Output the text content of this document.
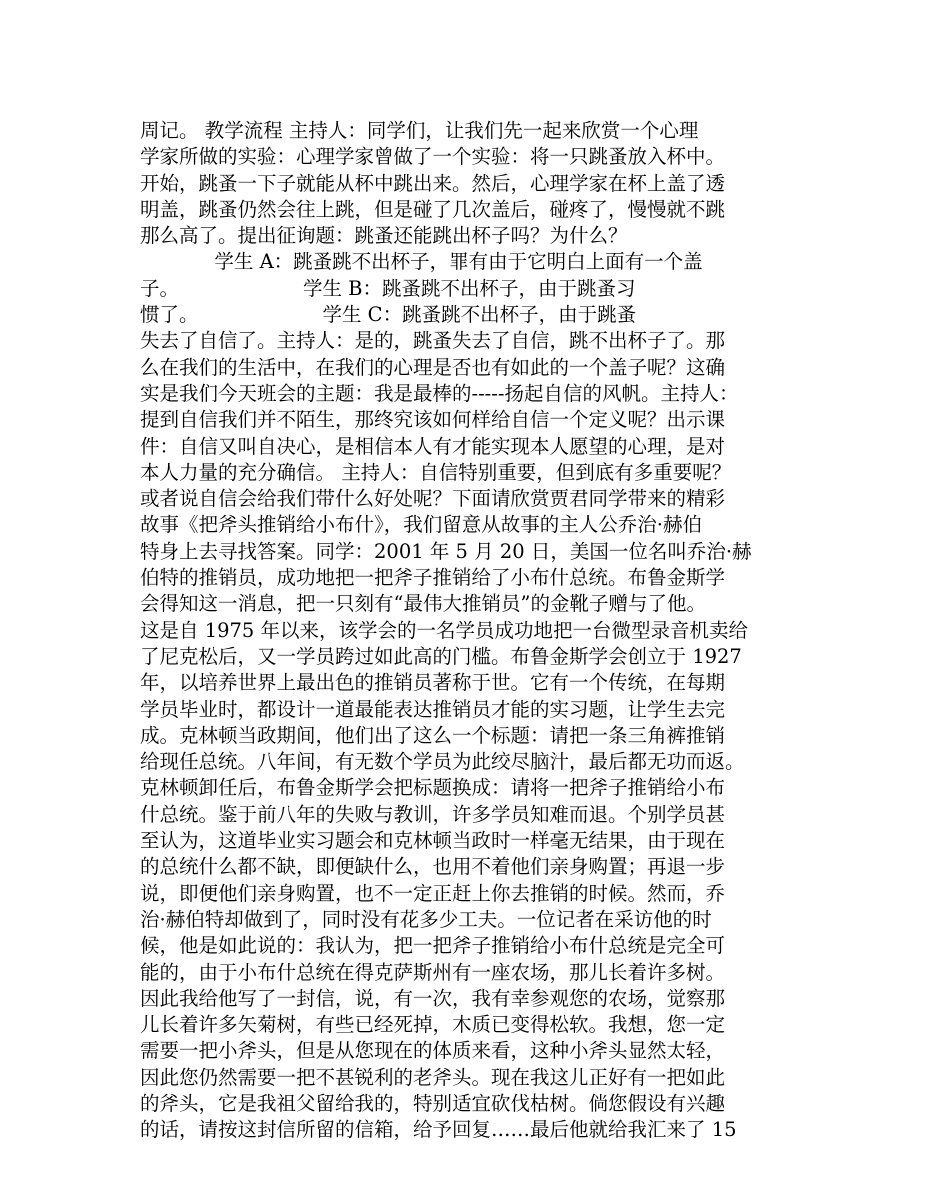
周记。 教学流程 主持人：同学们，让我们先一起来欣赏一个心理
学家所做的实验：心理学家曾做了一个实验：将一只跳蚤放入杯中。
开始，跳蚤一下子就能从杯中跳出来。然后，心理学家在杯上盖了透
明盖，跳蚤仍然会往上跳，但是碰了几次盖后，碰疼了，慢慢就不跳
那么高了。提出征询题：跳蚤还能跳出杯子吗？为什么？
学生 A：跳蚤跳不出杯子，罪有由于它明白上面有一个盖
子。                    学生 B：跳蚤跳不出杯子，由于跳蚤习
惯了。                    学生 C：跳蚤跳不出杯子，由于跳蚤
失去了自信了。主持人：是的，跳蚤失去了自信，跳不出杯子了。那
么在我们的生活中，在我们的心理是否也有如此的一个盖子呢？这确
实是我们今天班会的主题：我是最棒的-----扬起自信的风帆。主持人：
提到自信我们并不陌生，那终究该如何样给自信一个定义呢？出示课
件：自信又叫自决心，是相信本人有才能实现本人愿望的心理，是对
本人力量的充分确信。 主持人：自信特别重要，但到底有多重要呢？
或者说自信会给我们带什么好处呢？下面请欣赏贾君同学带来的精彩
故事《把斧头推销给小布什》，我们留意从故事的主人公乔治·赫伯
特身上去寻找答案。同学：2001 年 5 月 20 日，美国一位名叫乔治·赫
伯特的推销员，成功地把一把斧子推销给了小布什总统。布鲁金斯学
会得知这一消息，把一只刻有“最伟大推销员”的金靴子赠与了他。
这是自 1975 年以来，该学会的一名学员成功地把一台微型录音机卖给
了尼克松后，又一学员跨过如此高的门槛。布鲁金斯学会创立于 1927
年，以培养世界上最出色的推销员著称于世。它有一个传统，在每期
学员毕业时，都设计一道最能表达推销员才能的实习题，让学生去完
成。克林顿当政期间，他们出了这么一个标题：请把一条三角裤推销
给现任总统。八年间，有无数个学员为此绞尽脑汁，最后都无功而返。
克林顿卸任后，布鲁金斯学会把标题换成：请将一把斧子推销给小布
什总统。鉴于前八年的失败与教训，许多学员知难而退。个别学员甚
至认为，这道毕业实习题会和克林顿当政时一样毫无结果，由于现在
的总统什么都不缺，即便缺什么，也用不着他们亲身购置；再退一步
说，即便他们亲身购置，也不一定正赶上你去推销的时候。然而，乔
治·赫伯特却做到了，同时没有花多少工夫。一位记者在采访他的时
候，他是如此说的：我认为，把一把斧子推销给小布什总统是完全可
能的，由于小布什总统在得克萨斯州有一座农场，那儿长着许多树。
因此我给他写了一封信，说，有一次，我有幸参观您的农场，觉察那
儿长着许多矢菊树，有些已经死掉，木质已变得松软。我想，您一定
需要一把小斧头，但是从您现在的体质来看，这种小斧头显然太轻，
因此您仍然需要一把不甚锐利的老斧头。现在我这儿正好有一把如此
的斧头，它是我祖父留给我的，特别适宜砍伐枯树。倘您假设有兴趣
的话，请按这封信所留的信箱，给予回复……最后他就给我汇来了 15
